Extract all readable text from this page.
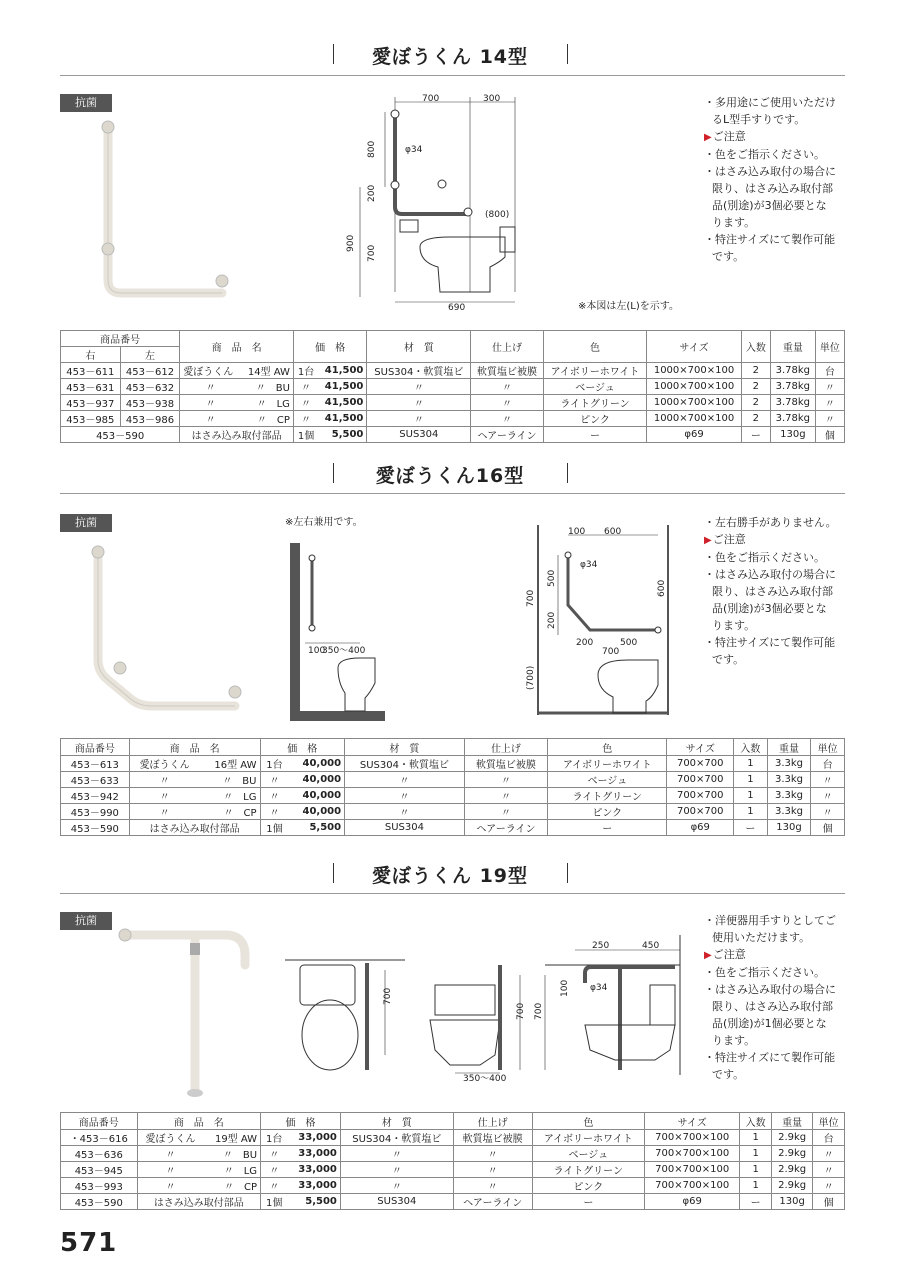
愛ぼうくん 14型
抗菌	700	300
800
200
900
700
φ34
(800)
690	※本図は左(L)を示す。
・多用途にご使用いただけ
るL型手すりです。
▶ ご注意
・色をご指示ください。
・はさみ込み取付の場合に
限り、はさみ込み取付部
品(別途)が3個必要とな
ります。
・特注サイズにて製作可能
です。
商品番号		商　品　名		価　格		材　質	仕上げ	色	サイズ	入数	重量	単位
右	左											
453－611	453－612	愛ぼうくん	14型 AW	1台	41,500	SUS304・軟質塩ビ	軟質塩ビ被膜	アイボリーホワイト	1000×700×100	2	3.78kg	台
453－631	453－632	〃	〃　BU	〃	41,500	〃	〃	ベージュ	1000×700×100	2	3.78kg	〃
453－937	453－938	〃	〃　LG	〃	41,500	〃	〃	ライトグリーン	1000×700×100	2	3.78kg	〃
453－985	453－986	〃	〃　CP	〃	41,500	〃	〃	ピンク	1000×700×100	2	3.78kg	〃
453－590		はさみ込み取付部品		1個	5,500	SUS304	ヘアーライン	ー	φ69	ー	130g	個
愛ぼうくん16型
抗菌	※左右兼用です。
100
350～400
100 600
φ34
500
200
700
600
200	500
700
(700)
・左右勝手がありません。
▶ ご注意
・色をご指示ください。
・はさみ込み取付の場合に
限り、はさみ込み取付部
品(別途)が3個必要とな
ります。
・特注サイズにて製作可能
です。
商品番号	商　品　名		価　格		材　質	仕上げ	色	サイズ	入数	重量	単位
453－613	愛ぼうくん	16型 AW	1台	40,000	SUS304・軟質塩ビ	軟質塩ビ被膜	アイボリーホワイト	700×700	1	3.3kg	台
453－633	〃	〃　BU	〃	40,000	〃	〃	ベージュ	700×700	1	3.3kg	〃
453－942	〃	〃　LG	〃	40,000	〃	〃	ライトグリーン	700×700	1	3.3kg	〃
453－990	〃	〃　CP	〃	40,000	〃	〃	ピンク	700×700	1	3.3kg	〃
453－590	はさみ込み取付部品		1個	5,500	SUS304	ヘアーライン	ー	φ69	ー	130g	個
愛ぼうくん 19型
抗菌
700
700
350～400
700
250	450
100 φ34
・洋便器用手すりとしてご
使用いただけます。
▶ ご注意
・色をご指示ください。
・はさみ込み取付の場合に
限り、はさみ込み取付部
品(別途)が1個必要とな
ります。
・特注サイズにて製作可能
です。
商品番号	商　品　名		価　格		材　質	仕上げ	色	サイズ	入数	重量	単位
・453－616	愛ぼうくん	19型 AW	1台	33,000	SUS304・軟質塩ビ	軟質塩ビ被膜	アイボリーホワイト	700×700×100	1	2.9kg	台
453－636	〃	〃　BU	〃	33,000	〃	〃	ベージュ	700×700×100	1	2.9kg	〃
453－945	〃	〃　LG	〃	33,000	〃	〃	ライトグリーン	700×700×100	1	2.9kg	〃
453－993	〃	〃　CP	〃	33,000	〃	〃	ピンク	700×700×100	1	2.9kg	〃
453－590	はさみ込み取付部品		1個	5,500	SUS304	ヘアーライン	ー	φ69	ー	130g	個
571
